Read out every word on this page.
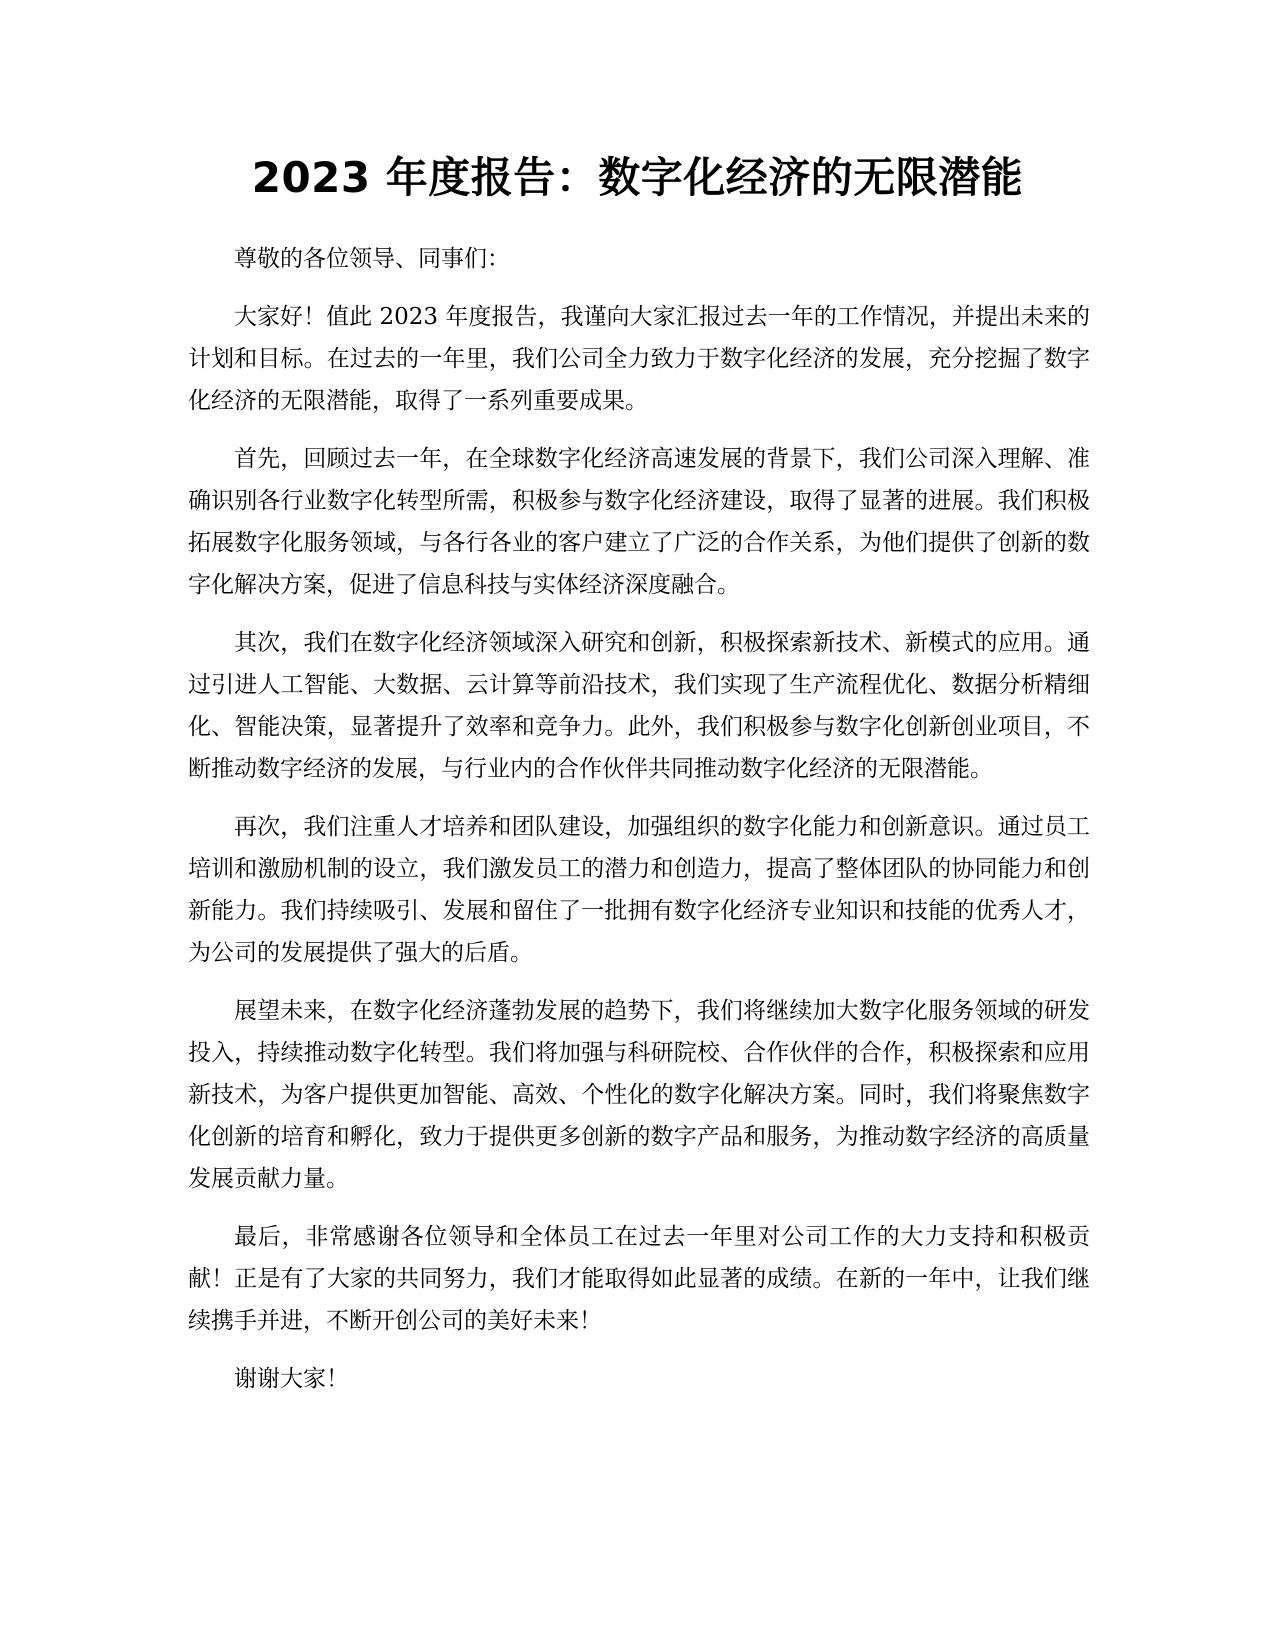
2023 年度报告：数字化经济的无限潜能

尊敬的各位领导、同事们：

大家好！值此 2023 年度报告，我谨向大家汇报过去一年的工作情况，并提出未来的计划和目标。在过去的一年里，我们公司全力致力于数字化经济的发展，充分挖掘了数字化经济的无限潜能，取得了一系列重要成果。

首先，回顾过去一年，在全球数字化经济高速发展的背景下，我们公司深入理解、准确识别各行业数字化转型所需，积极参与数字化经济建设，取得了显著的进展。我们积极拓展数字化服务领域，与各行各业的客户建立了广泛的合作关系，为他们提供了创新的数字化解决方案，促进了信息科技与实体经济深度融合。

其次，我们在数字化经济领域深入研究和创新，积极探索新技术、新模式的应用。通过引进人工智能、大数据、云计算等前沿技术，我们实现了生产流程优化、数据分析精细化、智能决策，显著提升了效率和竞争力。此外，我们积极参与数字化创新创业项目，不断推动数字经济的发展，与行业内的合作伙伴共同推动数字化经济的无限潜能。

再次，我们注重人才培养和团队建设，加强组织的数字化能力和创新意识。通过员工培训和激励机制的设立，我们激发员工的潜力和创造力，提高了整体团队的协同能力和创新能力。我们持续吸引、发展和留住了一批拥有数字化经济专业知识和技能的优秀人才，为公司的发展提供了强大的后盾。

展望未来，在数字化经济蓬勃发展的趋势下，我们将继续加大数字化服务领域的研发投入，持续推动数字化转型。我们将加强与科研院校、合作伙伴的合作，积极探索和应用新技术，为客户提供更加智能、高效、个性化的数字化解决方案。同时，我们将聚焦数字化创新的培育和孵化，致力于提供更多创新的数字产品和服务，为推动数字经济的高质量发展贡献力量。

最后，非常感谢各位领导和全体员工在过去一年里对公司工作的大力支持和积极贡献！正是有了大家的共同努力，我们才能取得如此显著的成绩。在新的一年中，让我们继续携手并进，不断开创公司的美好未来！

谢谢大家！
